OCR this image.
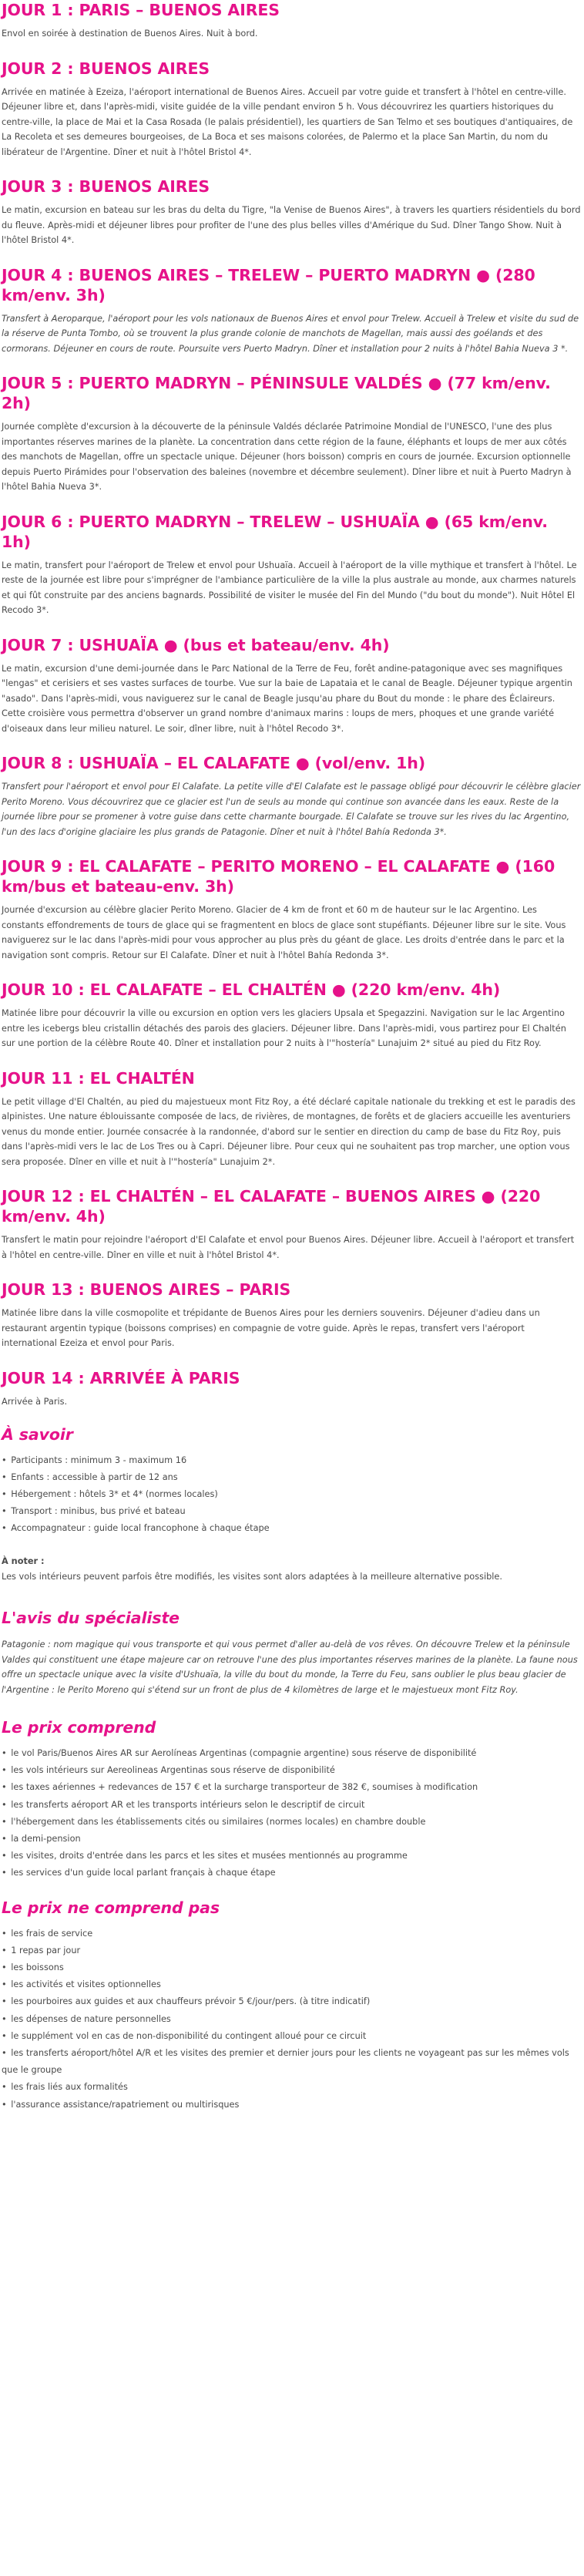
JOUR 1 : PARIS – BUENOS AIRES

Envol en soirée à destination de Buenos Aires. Nuit à bord.

JOUR 2 : BUENOS AIRES

Arrivée en matinée à Ezeiza, l'aéroport international de Buenos Aires. Accueil par votre guide et transfert à l'hôtel en centre-ville. Déjeuner libre et, dans l'après-midi, visite guidée de la ville pendant environ 5 h. Vous découvrirez les quartiers historiques du centre-ville, la place de Mai et la Casa Rosada (le palais présidentiel), les quartiers de San Telmo et ses boutiques d'antiquaires, de La Recoleta et ses demeures bourgeoises, de La Boca et ses maisons colorées, de Palermo et la place San Martin, du nom du libérateur de l'Argentine. Dîner et nuit à l'hôtel Bristol 4*.

JOUR 3 : BUENOS AIRES

Le matin, excursion en bateau sur les bras du delta du Tigre, "la Venise de Buenos Aires", à travers les quartiers résidentiels du bord du fleuve. Après-midi et déjeuner libres pour profiter de l'une des plus belles villes d'Amérique du Sud. Dîner Tango Show. Nuit à l'hôtel Bristol 4*.

JOUR 4 : BUENOS AIRES – TRELEW – PUERTO MADRYN ● (280 km/env. 3h)

Transfert à Aeroparque, l'aéroport pour les vols nationaux de Buenos Aires et envol pour Trelew. Accueil à Trelew et visite du sud de la réserve de Punta Tombo, où se trouvent la plus grande colonie de manchots de Magellan, mais aussi des goélands et des cormorans. Déjeuner en cours de route. Poursuite vers Puerto Madryn. Dîner et installation pour 2 nuits à l'hôtel Bahia Nueva 3 *.

JOUR 5 : PUERTO MADRYN – PÉNINSULE VALDÉS ● (77 km/env. 2h)

Journée complète d'excursion à la découverte de la péninsule Valdés déclarée Patrimoine Mondial de l'UNESCO, l'une des plus importantes réserves marines de la planète. La concentration dans cette région de la faune, éléphants et loups de mer aux côtés des manchots de Magellan, offre un spectacle unique. Déjeuner (hors boisson) compris en cours de journée. Excursion optionnelle depuis Puerto Pirámides pour l'observation des baleines (novembre et décembre seulement). Dîner libre et nuit à Puerto Madryn à l'hôtel Bahia Nueva 3*.

JOUR 6 : PUERTO MADRYN – TRELEW – USHUAÏA ● (65 km/env. 1h)

Le matin, transfert pour l'aéroport de Trelew et envol pour Ushuaïa. Accueil à l'aéroport de la ville mythique et transfert à l'hôtel. Le reste de la journée est libre pour s'imprégner de l'ambiance particulière de la ville la plus australe au monde, aux charmes naturels et qui fût construite par des anciens bagnards. Possibilité de visiter le musée del Fin del Mundo ("du bout du monde"). Nuit Hôtel El Recodo 3*.

JOUR 7 : USHUAÏA ● (bus et bateau/env. 4h)

Le matin, excursion d'une demi-journée dans le Parc National de la Terre de Feu, forêt andine-patagonique avec ses magnifiques "lengas" et cerisiers et ses vastes surfaces de tourbe. Vue sur la baie de Lapataia et le canal de Beagle. Déjeuner typique argentin "asado". Dans l'après-midi, vous naviguerez sur le canal de Beagle jusqu'au phare du Bout du monde : le phare des Éclaireurs. Cette croisière vous permettra d'observer un grand nombre d'animaux marins : loups de mers, phoques et une grande variété d'oiseaux dans leur milieu naturel. Le soir, dîner libre, nuit à l'hôtel Recodo 3*.

JOUR 8 : USHUAÏA – EL CALAFATE ● (vol/env. 1h)

Transfert pour l'aéroport et envol pour El Calafate. La petite ville d'El Calafate est le passage obligé pour découvrir le célèbre glacier Perito Moreno. Vous découvrirez que ce glacier est l'un de seuls au monde qui continue son avancée dans les eaux. Reste de la journée libre pour se promener à votre guise dans cette charmante bourgade. El Calafate se trouve sur les rives du lac Argentino, l'un des lacs d'origine glaciaire les plus grands de Patagonie. Dîner et nuit à l'hôtel Bahía Redonda 3*.

JOUR 9 : EL CALAFATE – PERITO MORENO – EL CALAFATE ● (160 km/bus et bateau-env. 3h)

Journée d'excursion au célèbre glacier Perito Moreno. Glacier de 4 km de front et 60 m de hauteur sur le lac Argentino. Les constants effondrements de tours de glace qui se fragmentent en blocs de glace sont stupéfiants. Déjeuner libre sur le site. Vous naviguerez sur le lac dans l'après-midi pour vous approcher au plus près du géant de glace. Les droits d'entrée dans le parc et la navigation sont compris. Retour sur El Calafate. Dîner et nuit à l'hôtel Bahía Redonda 3*.

JOUR 10 : EL CALAFATE – EL CHALTÉN ● (220 km/env. 4h)

Matinée libre pour découvrir la ville ou excursion en option vers les glaciers Upsala et Spegazzini. Navigation sur le lac Argentino entre les icebergs bleu cristallin détachés des parois des glaciers. Déjeuner libre. Dans l'après-midi, vous partirez pour El Chaltén sur une portion de la célèbre Route 40. Dîner et installation pour 2 nuits à l'"hostería" Lunajuim 2* situé au pied du Fitz Roy.

JOUR 11 : EL CHALTÉN

Le petit village d'El Chaltén, au pied du majestueux mont Fitz Roy, a été déclaré capitale nationale du trekking et est le paradis des alpinistes. Une nature éblouissante composée de lacs, de rivières, de montagnes, de forêts et de glaciers accueille les aventuriers venus du monde entier. Journée consacrée à la randonnée, d'abord sur le sentier en direction du camp de base du Fitz Roy, puis dans l'après-midi vers le lac de Los Tres ou à Capri. Déjeuner libre. Pour ceux qui ne souhaitent pas trop marcher, une option vous sera proposée. Dîner en ville et nuit à l'"hostería" Lunajuim 2*.

JOUR 12 : EL CHALTÉN – EL CALAFATE – BUENOS AIRES ● (220 km/env. 4h)

Transfert le matin pour rejoindre l'aéroport d'El Calafate et envol pour Buenos Aires. Déjeuner libre. Accueil à l'aéroport et transfert à l'hôtel en centre-ville. Dîner en ville et nuit à l'hôtel Bristol 4*.

JOUR 13 : BUENOS AIRES – PARIS

Matinée libre dans la ville cosmopolite et trépidante de Buenos Aires pour les derniers souvenirs. Déjeuner d'adieu dans un restaurant argentin typique (boissons comprises) en compagnie de votre guide. Après le repas, transfert vers l'aéroport international Ezeiza et envol pour Paris.

JOUR 14 : ARRIVÉE À PARIS

Arrivée à Paris.

À savoir
• Participants : minimum 3 - maximum 16
• Enfants : accessible à partir de 12 ans
• Hébergement : hôtels 3* et 4* (normes locales)
• Transport : minibus, bus privé et bateau
• Accompagnateur : guide local francophone à chaque étape

À noter :

Les vols intérieurs peuvent parfois être modifiés, les visites sont alors adaptées à la meilleure alternative possible.

L'avis du spécialiste

Patagonie : nom magique qui vous transporte et qui vous permet d'aller au-delà de vos rêves. On découvre Trelew et la péninsule Valdes qui constituent une étape majeure car on retrouve l'une des plus importantes réserves marines de la planète. La faune nous offre un spectacle unique avec la visite d'Ushuaïa, la ville du bout du monde, la Terre du Feu, sans oublier le plus beau glacier de l'Argentine : le Perito Moreno qui s'étend sur un front de plus de 4 kilomètres de large et le majestueux mont Fitz Roy.

Le prix comprend
• le vol Paris/Buenos Aires AR sur Aerolíneas Argentinas (compagnie argentine) sous réserve de disponibilité
• les vols intérieurs sur Aereolineas Argentinas sous réserve de disponibilité
• les taxes aériennes + redevances de 157 € et la surcharge transporteur de 382 €, soumises à modification
• les transferts aéroport AR et les transports intérieurs selon le descriptif de circuit
• l'hébergement dans les établissements cités ou similaires (normes locales) en chambre double
• la demi-pension
• les visites, droits d'entrée dans les parcs et les sites et musées mentionnés au programme
• les services d'un guide local parlant français à chaque étape
Le prix ne comprend pas
• les frais de service
• 1 repas par jour
• les boissons
• les activités et visites optionnelles
• les pourboires aux guides et aux chauffeurs prévoir 5 €/jour/pers. (à titre indicatif)
• les dépenses de nature personnelles
• le supplément vol en cas de non-disponibilité du contingent alloué pour ce circuit
• les transferts aéroport/hôtel A/R et les visites des premier et dernier jours pour les clients ne voyageant pas sur les mêmes vols que le groupe
• les frais liés aux formalités
• l'assurance assistance/rapatriement ou multirisques
